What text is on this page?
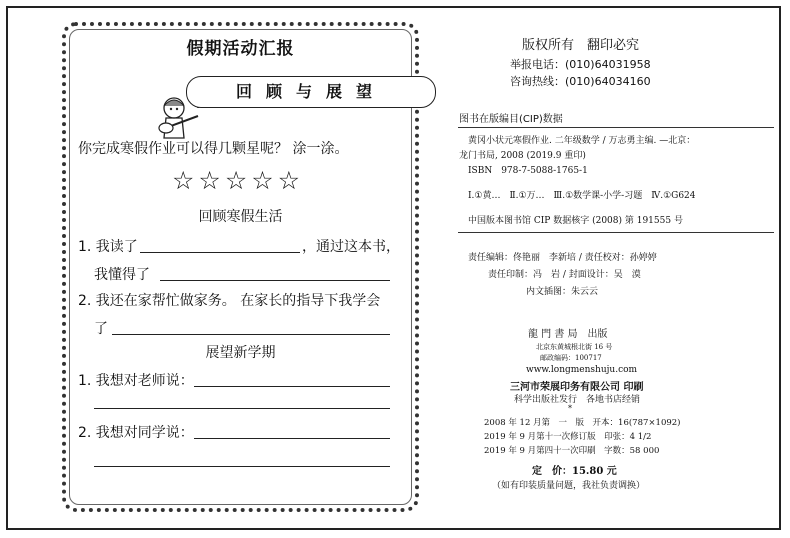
假期活动汇报
回顾与展望
你完成寒假作业可以得几颗星呢？ 涂一涂。
☆☆☆☆☆
回顾寒假生活
1. 我读了	，通过这本书，
我懂得了
2. 我还在家帮忙做家务。 在家长的指导下我学会
了
展望新学期
1. 我想对老师说：
2. 我想对同学说：
版权所有　翻印必究
举报电话：(010)64031958
咨询热线：(010)64034160
图书在版编目(CIP)数据
黄冈小状元寒假作业. 二年级数学 / 万志勇主编. —北京：
龙门书局, 2008 (2019.9 重印)
ISBN　978-7-5088-1765-1
Ⅰ.①黄…　Ⅱ.①万…　Ⅲ.①数学课-小学-习题　Ⅳ.①G624
中国版本图书馆 CIP 数据核字 (2008) 第 191555 号
责任编辑：佟艳丽　李新培 / 责任校对：孙婷婷
责任印制：冯　岩 / 封面设计：吴　漠
内文插图：朱云云
龍 門 書 局　出版
北京东黄城根北街 16 号
邮政编码：100717
www.longmenshuju.com
三河市荣展印务有限公司 印刷
科学出版社发行　各地书店经销
*
2008 年 12 月第　一　版　开本：16(787×1092)
2019 年 9 月第十一次修订版　印张：4 1/2
2019 年 9 月第四十一次印刷　字数：58 000
定　价：15.80 元
（如有印装质量问题，我社负责调换）
